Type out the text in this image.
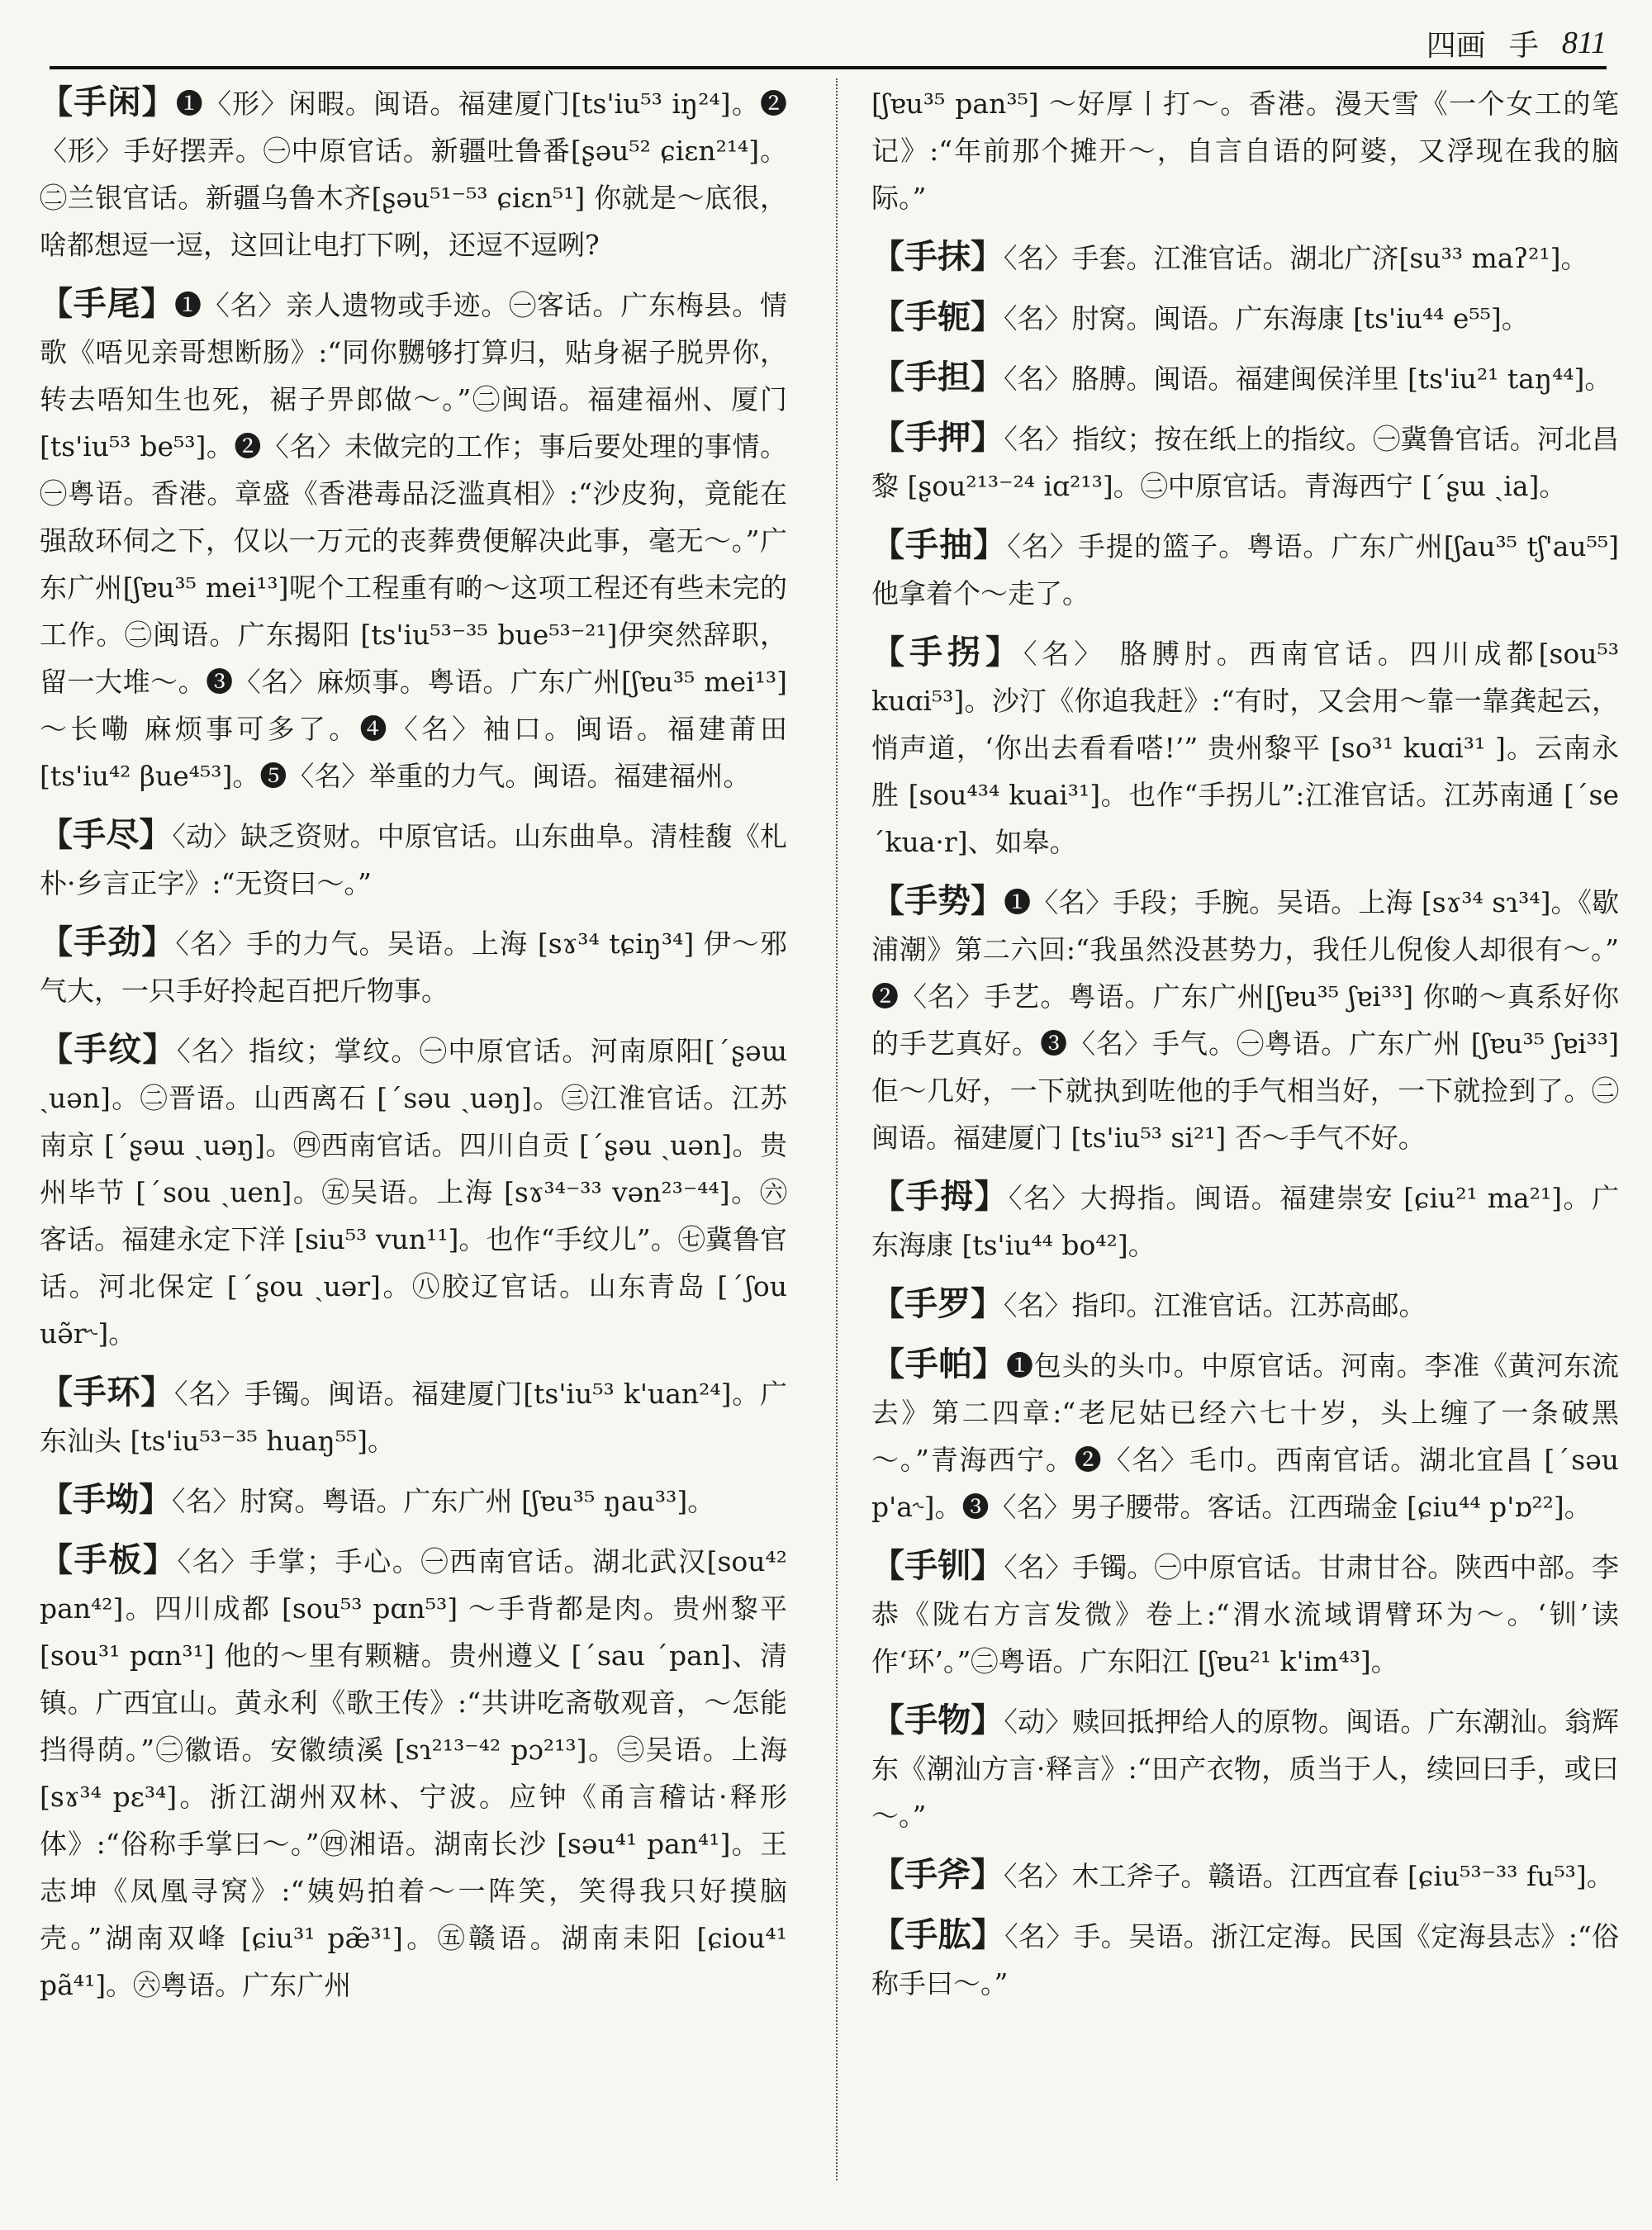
四画 手 811

【手闲】❶〈形〉闲暇。闽语。福建厦门[ts'iu⁵³ iŋ²⁴]。❷〈形〉手好摆弄。㊀中原官话。新疆吐鲁番[ʂəu⁵² ɕiɛn²¹⁴]。㊁兰银官话。新疆乌鲁木齐[ʂəu⁵¹⁻⁵³ ɕiɛn⁵¹] 你就是～底很，啥都想逗一逗，这回让电打下咧，还逗不逗咧?

【手尾】❶〈名〉亲人遗物或手迹。㊀客话。广东梅县。情歌《唔见亲哥想断肠》:“同你嬲够打算归，贴身裾子脱畀你，转去唔知生也死，裾子畀郎做～。”㊁闽语。福建福州、厦门 [ts'iu⁵³ be⁵³]。❷〈名〉未做完的工作；事后要处理的事情。㊀粤语。香港。章盛《香港毒品泛滥真相》:“沙皮狗，竟能在强敌环伺之下，仅以一万元的丧葬费便解决此事，毫无～。”广东广州[ʃɐu³⁵ mei¹³]呢个工程重有啲～这项工程还有些未完的工作。㊁闽语。广东揭阳 [ts'iu⁵³⁻³⁵ bue⁵³⁻²¹]伊突然辞职，留一大堆～。❸〈名〉麻烦事。粤语。广东广州[ʃɐu³⁵ mei¹³]～长嘞 麻烦事可多了。❹〈名〉袖口。闽语。福建莆田[ts'iu⁴² βue⁴⁵³]。❺〈名〉举重的力气。闽语。福建福州。

【手尽】〈动〉缺乏资财。中原官话。山东曲阜。清桂馥《札朴·乡言正字》:“无资曰～。”

【手劲】〈名〉手的力气。吴语。上海 [sɤ³⁴ tɕiŋ³⁴] 伊～邪气大，一只手好拎起百把斤物事。

【手纹】〈名〉指纹；掌纹。㊀中原官话。河南原阳[ˊʂəɯ ˏuən]。㊁晋语。山西离石 [ˊsəu ˏuəŋ]。㊂江淮官话。江苏南京 [ˊʂəɯ ˏuəŋ]。㊃西南官话。四川自贡 [ˊʂəu ˏuən]。贵州毕节 [ˊsou ˏuen]。㊄吴语。上海 [sɤ³⁴⁻³³ vən²³⁻⁴⁴]。㊅客话。福建永定下洋 [siu⁵³ vun¹¹]。也作“手纹儿”。㊆冀鲁官话。河北保定 [ˊʂou ˏuər]。㊇胶辽官话。山东青岛 [ˊʃou uə̃r˞]。

【手环】〈名〉手镯。闽语。福建厦门[ts'iu⁵³ k'uan²⁴]。广东汕头 [ts'iu⁵³⁻³⁵ huaŋ⁵⁵]。

【手坳】〈名〉肘窝。粤语。广东广州 [ʃɐu³⁵ ŋau³³]。

【手板】〈名〉手掌；手心。㊀西南官话。湖北武汉[sou⁴² pan⁴²]。四川成都 [sou⁵³ pɑn⁵³] ～手背都是肉。贵州黎平 [sou³¹ pɑn³¹] 他的～里有颗糖。贵州遵义 [ˊsau ˊpan]、清镇。广西宜山。黄永利《歌王传》:“共讲吃斋敬观音，～怎能挡得荫。”㊁徽语。安徽绩溪 [sɿ²¹³⁻⁴² pɔ²¹³]。㊂吴语。上海[sɤ³⁴ pɛ³⁴]。浙江湖州双林、宁波。应钟《甬言稽诂·释形体》:“俗称手掌曰～。”㊃湘语。湖南长沙 [səu⁴¹ pan⁴¹]。王志坤《凤凰寻窝》:“姨妈拍着～一阵笑，笑得我只好摸脑壳。”湖南双峰 [ɕiu³¹ pæ̃³¹]。㊄赣语。湖南耒阳 [ɕiou⁴¹ pã⁴¹]。㊅粤语。广东广州

[ʃɐu³⁵ pan³⁵] ～好厚丨打～。香港。漫天雪《一个女工的笔记》:“年前那个摊开～，自言自语的阿婆，又浮现在我的脑际。”

【手抹】〈名〉手套。江淮官话。湖北广济[su³³ maʔ²¹]。

【手轭】〈名〉肘窝。闽语。广东海康 [ts'iu⁴⁴ e⁵⁵]。

【手担】〈名〉胳膊。闽语。福建闽侯洋里 [ts'iu²¹ taŋ⁴⁴]。

【手押】〈名〉指纹；按在纸上的指纹。㊀冀鲁官话。河北昌黎 [ʂou²¹³⁻²⁴ iɑ²¹³]。㊁中原官话。青海西宁 [ˊʂɯ ˏia]。

【手抽】〈名〉手提的篮子。粤语。广东广州[ʃau³⁵ tʃ'au⁵⁵] 他拿着个～走了。

【手拐】〈名〉 胳膊肘。西南官话。四川成都[sou⁵³ kuɑi⁵³]。沙汀《你追我赶》:“有时，又会用～靠一靠龚起云，悄声道，‘你出去看看嗒!’” 贵州黎平 [so³¹ kuɑi³¹ ]。云南永胜 [sou⁴³⁴ kuai³¹]。也作“手拐儿”:江淮官话。江苏南通 [ˊse ˊkua·r]、如皋。

【手势】❶〈名〉手段；手腕。吴语。上海 [sɤ³⁴ sɿ³⁴]。《歇浦潮》第二六回:“我虽然没甚势力，我任儿倪俊人却很有～。” ❷〈名〉手艺。粤语。广东广州[ʃɐu³⁵ ʃɐi³³] 你啲～真系好你的手艺真好。❸〈名〉手气。㊀粤语。广东广州 [ʃɐu³⁵ ʃɐi³³] 佢～几好，一下就执到咗他的手气相当好，一下就捡到了。㊁闽语。福建厦门 [ts'iu⁵³ si²¹] 否～手气不好。

【手拇】〈名〉大拇指。闽语。福建崇安 [ɕiu²¹ ma²¹]。广东海康 [ts'iu⁴⁴ bo⁴²]。

【手罗】〈名〉指印。江淮官话。江苏高邮。

【手帕】❶包头的头巾。中原官话。河南。李准《黄河东流去》第二四章:“老尼姑已经六七十岁，头上缠了一条破黑～。”青海西宁。❷〈名〉毛巾。西南官话。湖北宜昌 [ˊsəu p'a˞]。❸〈名〉男子腰带。客话。江西瑞金 [ɕiu⁴⁴ p'ɒ²²]。

【手钏】〈名〉手镯。㊀中原官话。甘肃甘谷。陕西中部。李恭《陇右方言发微》卷上:“渭水流域谓臂环为～。‘钏’读作‘环’。”㊁粤语。广东阳江 [ʃɐu²¹ k'im⁴³]。

【手物】〈动〉赎回抵押给人的原物。闽语。广东潮汕。翁辉东《潮汕方言·释言》:“田产衣物，质当于人，续回曰手，或曰～。”

【手斧】〈名〉木工斧子。赣语。江西宜春 [ɕiu⁵³⁻³³ fu⁵³]。

【手肱】〈名〉手。吴语。浙江定海。民国《定海县志》:“俗称手曰～。”
